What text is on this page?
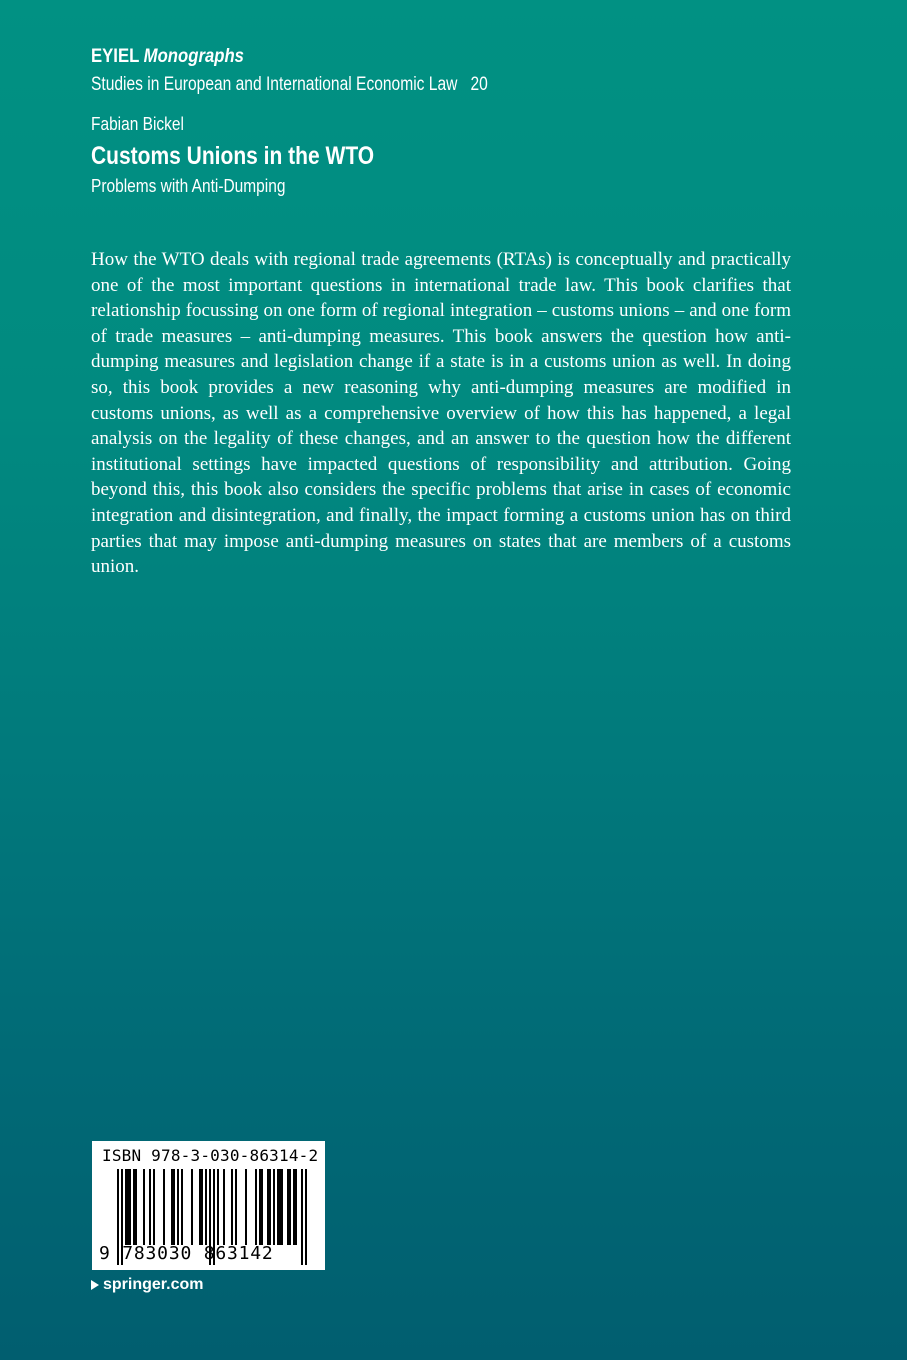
EYIEL Monographs
Studies in European and International Economic Law 20
Fabian Bickel
Customs Unions in the WTO
Problems with Anti-Dumping

How the WTO deals with regional trade agreements (RTAs) is conceptually and practically one of the most important questions in international trade law. This book clarifies that relationship focussing on one form of regional integration – customs unions – and one form of trade measures – anti-dumping measures. This book answers the question how anti-dumping measures and legislation change if a state is in a customs union as well. In doing so, this book provides a new reasoning why anti-dumping measures are modified in customs unions, as well as a comprehensive overview of how this has happened, a legal analysis on the legality of these changes, and an answer to the question how the different institutional settings have impacted questions of responsibility and attribution. Going beyond this, this book also considers the specific problems that arise in cases of economic integration and disintegration, and finally, the impact forming a customs union has on third parties that may impose anti-dumping measures on states that are members of a customs union.

ISBN 978-3-030-86314-2
9 783030 863142
springer.com
